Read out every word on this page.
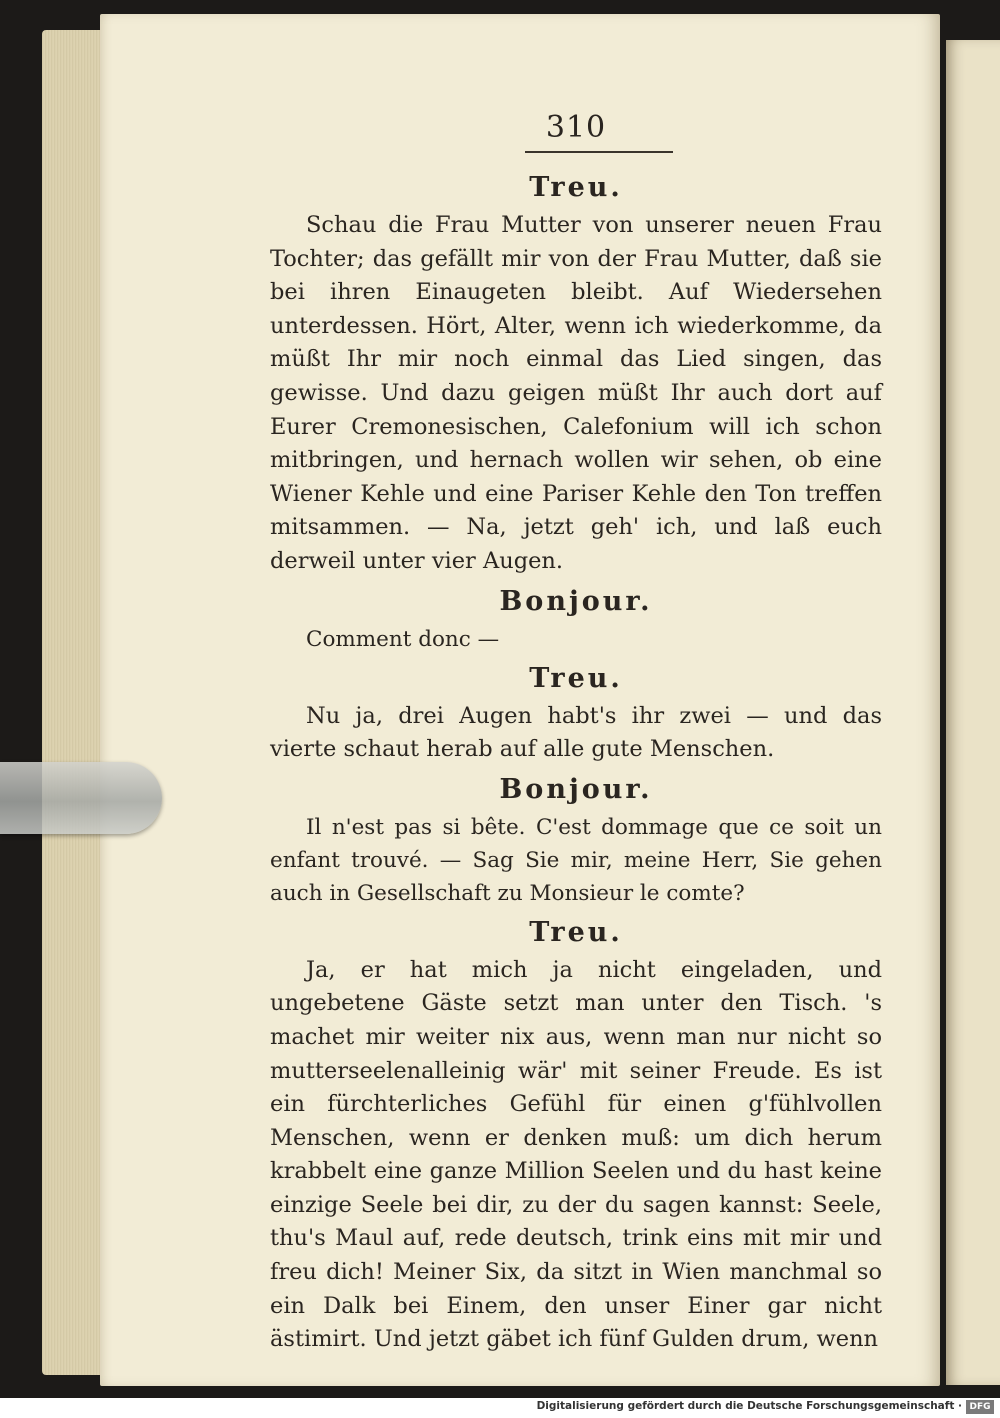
310
Treu.

Schau die Frau Mutter von unserer neuen Frau Tochter; das gefällt mir von der Frau Mutter, daß sie bei ihren Einaugeten bleibt. Auf Wiedersehen unterdessen. Hört, Alter, wenn ich wiederkomme, da müßt Ihr mir noch einmal das Lied singen, das gewisse. Und dazu geigen müßt Ihr auch dort auf Eurer Cremonesischen, Calefonium will ich schon mitbringen, und hernach wollen wir sehen, ob eine Wiener Kehle und eine Pariser Kehle den Ton treffen mitsammen. — Na, jetzt geh' ich, und laß euch derweil unter vier Augen.

Bonjour.

Comment donc —

Treu.

Nu ja, drei Augen habt's ihr zwei — und das vierte schaut herab auf alle gute Menschen.

Bonjour.

Il n'est pas si bête. C'est dommage que ce soit un enfant trouvé. — Sag Sie mir, meine Herr, Sie gehen auch in Gesellschaft zu Monsieur le comte?

Treu.

Ja, er hat mich ja nicht eingeladen, und ungebetene Gäste setzt man unter den Tisch. 's machet mir weiter nix aus, wenn man nur nicht so mutterseelenalleinig wär' mit seiner Freude. Es ist ein fürchterliches Gefühl für einen g'fühlvollen Menschen, wenn er denken muß: um dich herum krabbelt eine ganze Million Seelen und du hast keine einzige Seele bei dir, zu der du sagen kannst: Seele, thu's Maul auf, rede deutsch, trink eins mit mir und freu dich! Meiner Six, da sitzt in Wien manchmal so ein Dalk bei Einem, den unser Einer gar nicht ästimirt. Und jetzt gäbet ich fünf Gulden drum, wenn

Digitalisierung gefördert durch die Deutsche Forschungsgemeinschaft · DFG
